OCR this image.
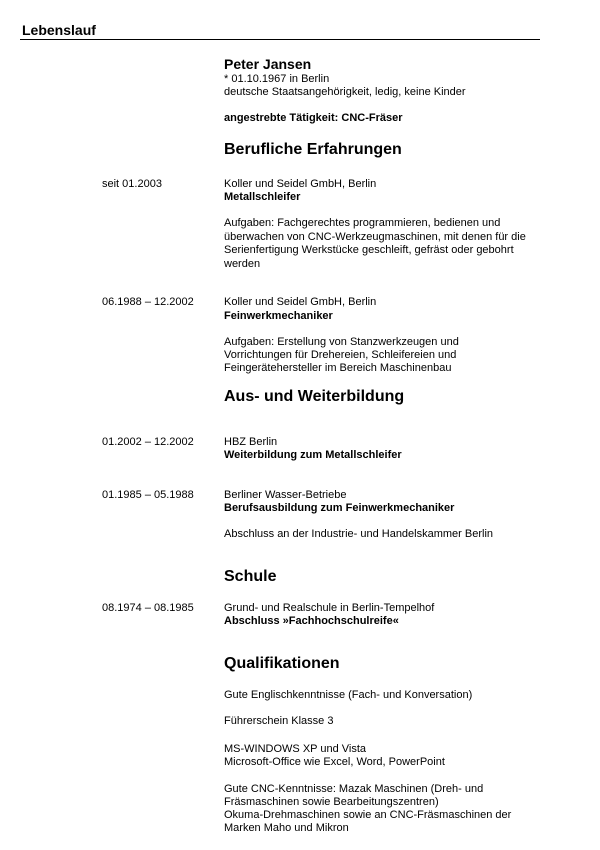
Lebenslauf
Peter Jansen
* 01.10.1967 in Berlin
deutsche Staatsangehörigkeit, ledig, keine Kinder
angestrebte Tätigkeit: CNC-Fräser
Berufliche Erfahrungen
seit 01.2003	Koller und Seidel GmbH, Berlin
Metallschleifer
Aufgaben: Fachgerechtes programmieren, bedienen und
überwachen von CNC-Werkzeugmaschinen, mit denen für die
Serienfertigung Werkstücke geschleift, gefräst oder gebohrt
werden
06.1988 – 12.2002	Koller und Seidel GmbH, Berlin
Feinwerkmechaniker
Aufgaben: Erstellung von Stanzwerkzeugen und
Vorrichtungen für Drehereien, Schleifereien und
Feingerätehersteller im Bereich Maschinenbau
Aus- und Weiterbildung
01.2002 – 12.2002	HBZ Berlin
Weiterbildung zum Metallschleifer
01.1985 – 05.1988	Berliner Wasser-Betriebe
Berufsausbildung zum Feinwerkmechaniker
Abschluss an der Industrie- und Handelskammer Berlin
Schule
08.1974 – 08.1985	Grund- und Realschule in Berlin-Tempelhof
Abschluss »Fachhochschulreife«
Qualifikationen
Gute Englischkenntnisse (Fach- und Konversation)
Führerschein Klasse 3
MS-WINDOWS XP und Vista
Microsoft-Office wie Excel, Word, PowerPoint
Gute CNC-Kenntnisse: Mazak Maschinen (Dreh- und
Fräsmaschinen sowie Bearbeitungszentren)
Okuma-Drehmaschinen sowie an CNC-Fräsmaschinen der
Marken Maho und Mikron
